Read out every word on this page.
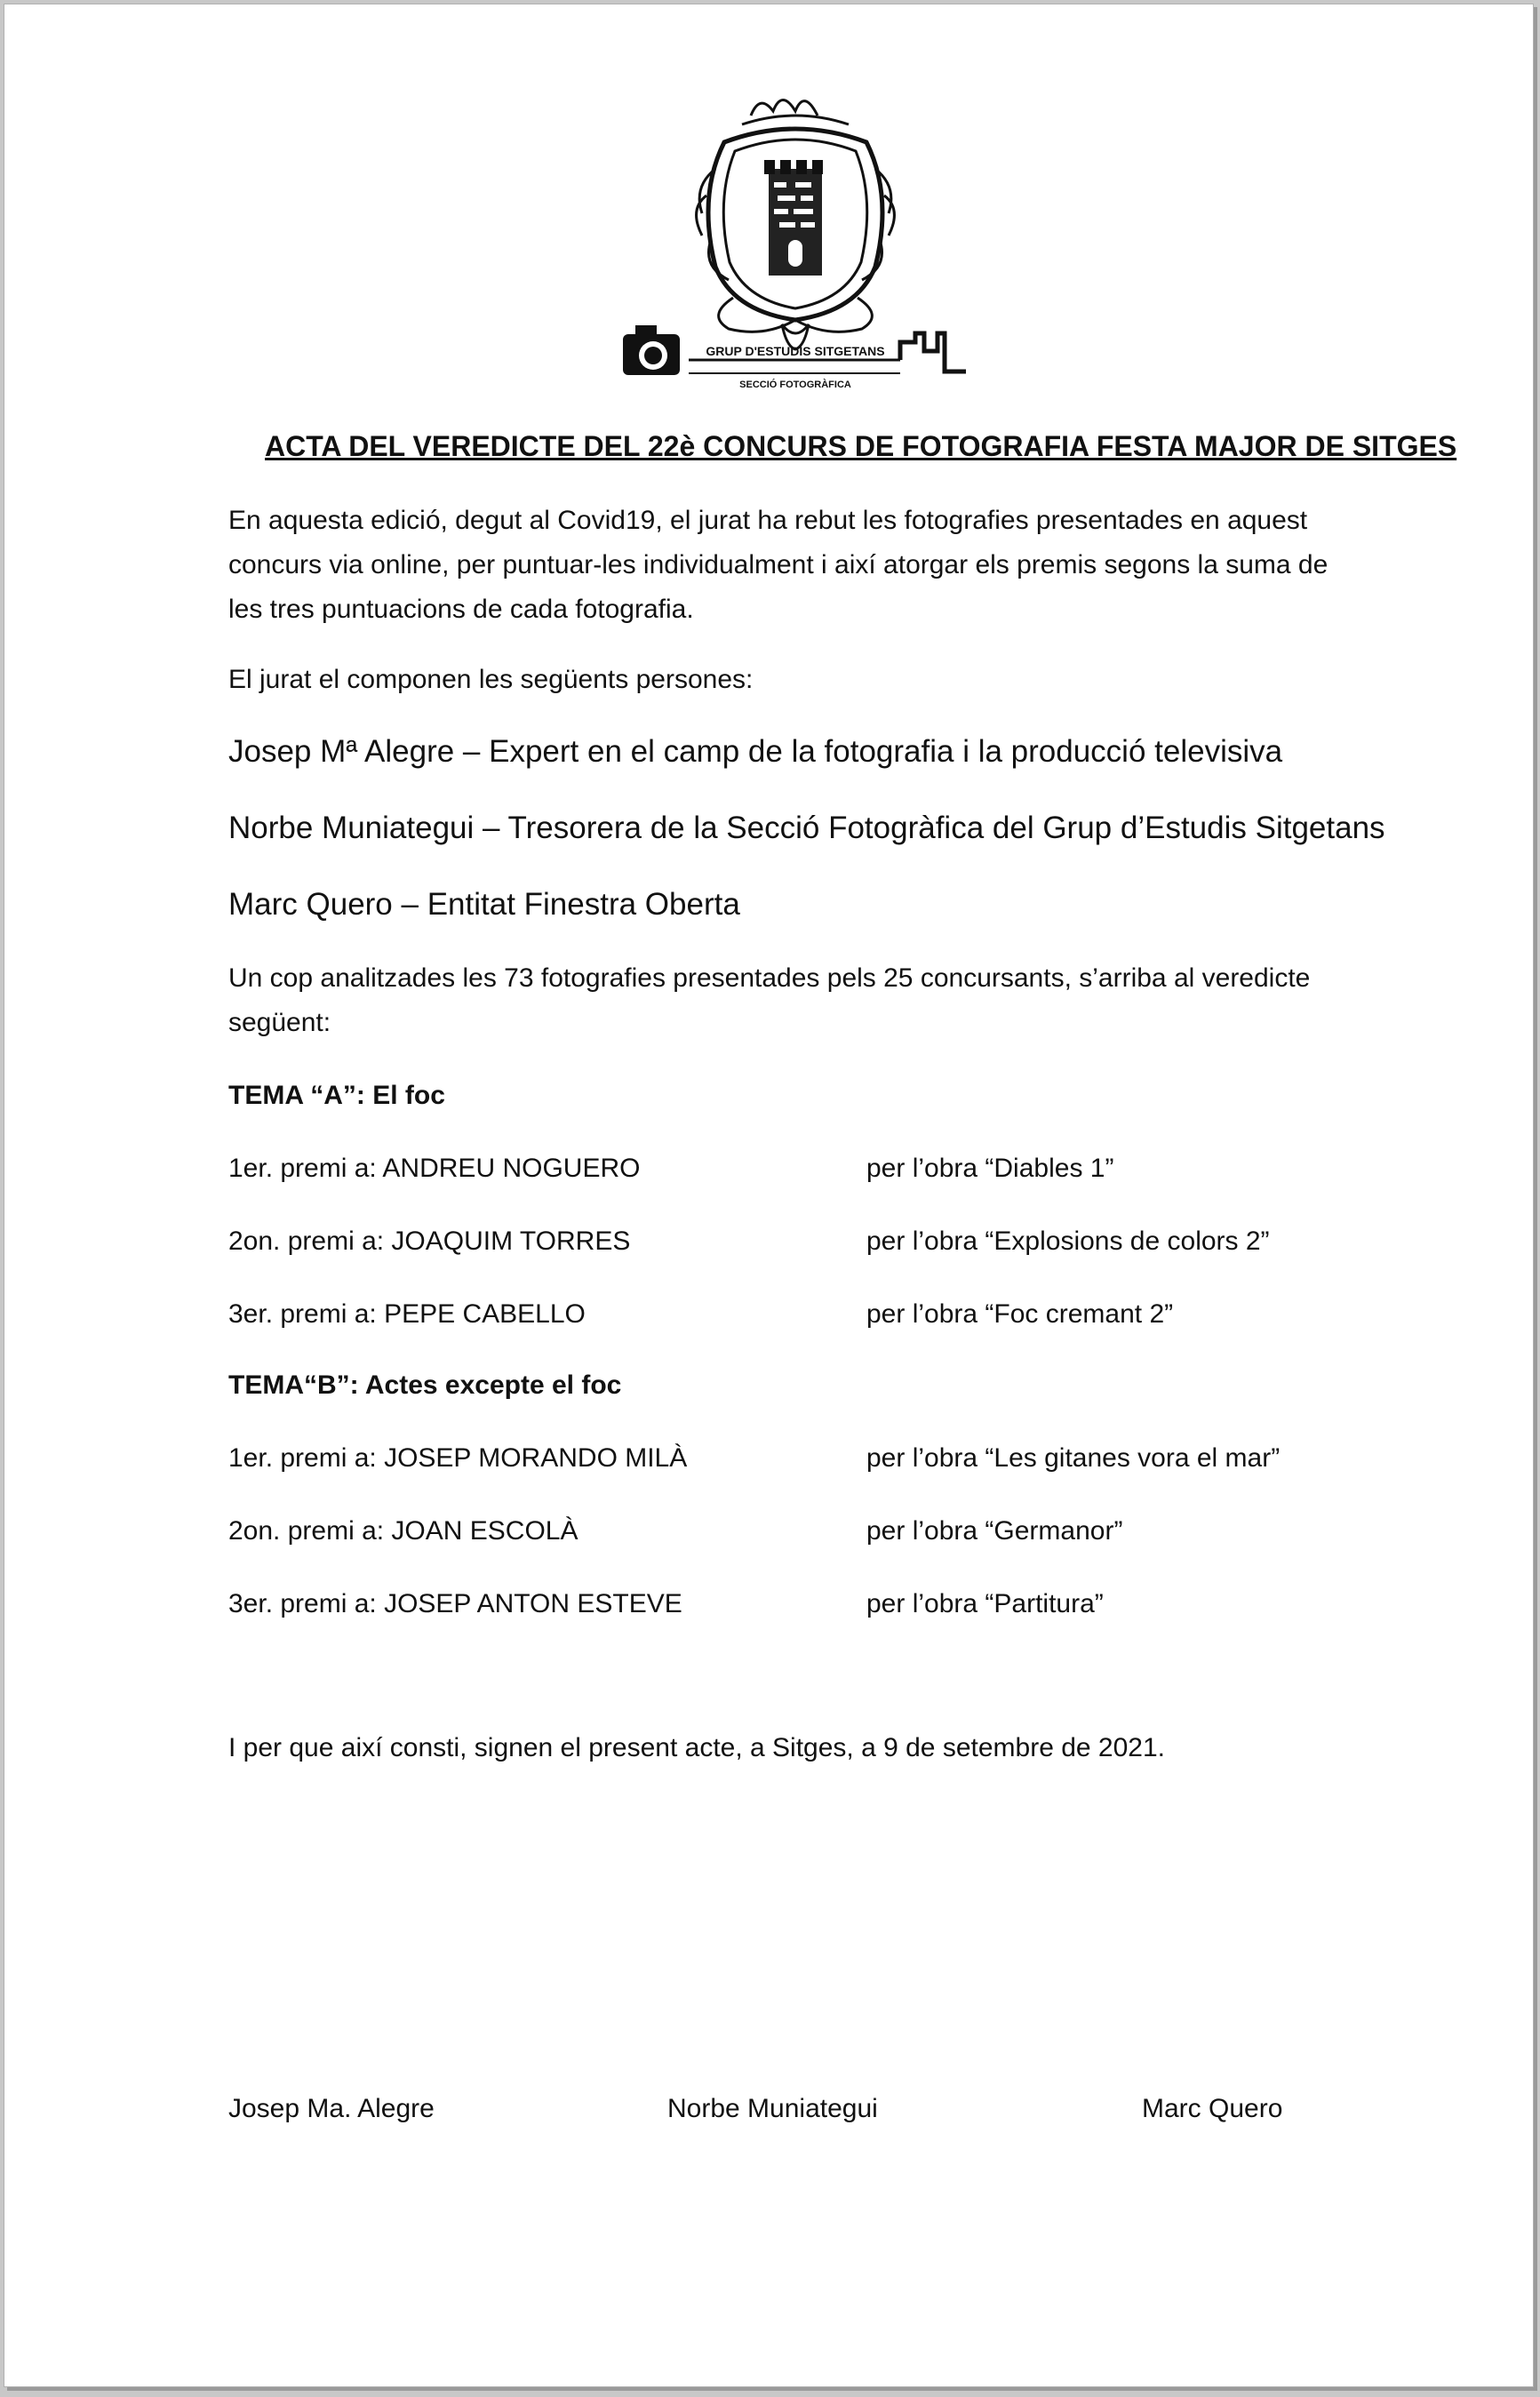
GRUP D'ESTUDIS SITGETANS
SECCIÓ FOTOGRÀFICA
ACTA DEL VEREDICTE DEL 22è CONCURS DE FOTOGRAFIA FESTA MAJOR DE SITGES
En aquesta edició, degut al Covid19, el jurat ha rebut les fotografies presentades en aquest concurs via online, per puntuar-les individualment i així atorgar els premis segons la suma de les tres puntuacions de cada fotografia.
El jurat el componen les següents persones:
Josep Mª Alegre – Expert en el camp de la fotografia i la producció televisiva
Norbe Muniategui – Tresorera de la Secció Fotogràfica del Grup d’Estudis Sitgetans
Marc Quero – Entitat Finestra Oberta
Un cop analitzades les 73 fotografies presentades pels 25 concursants, s’arriba al veredicte
següent:
TEMA “A”: El foc
1er. premi a: ANDREU NOGUERO	per l’obra “Diables 1”
2on. premi a: JOAQUIM TORRES	per l’obra “Explosions de colors 2”
3er. premi a: PEPE CABELLO	per l’obra “Foc cremant 2”
TEMA“B”: Actes excepte el foc
1er. premi a: JOSEP MORANDO MILÀ	per l’obra “Les gitanes vora el mar”
2on. premi a: JOAN ESCOLÀ	per l’obra “Germanor”
3er. premi a: JOSEP ANTON ESTEVE	per l’obra “Partitura”
I per que així consti, signen el present acte, a Sitges, a 9 de setembre de 2021.
Josep Ma. Alegre	Norbe Muniategui	Marc Quero
